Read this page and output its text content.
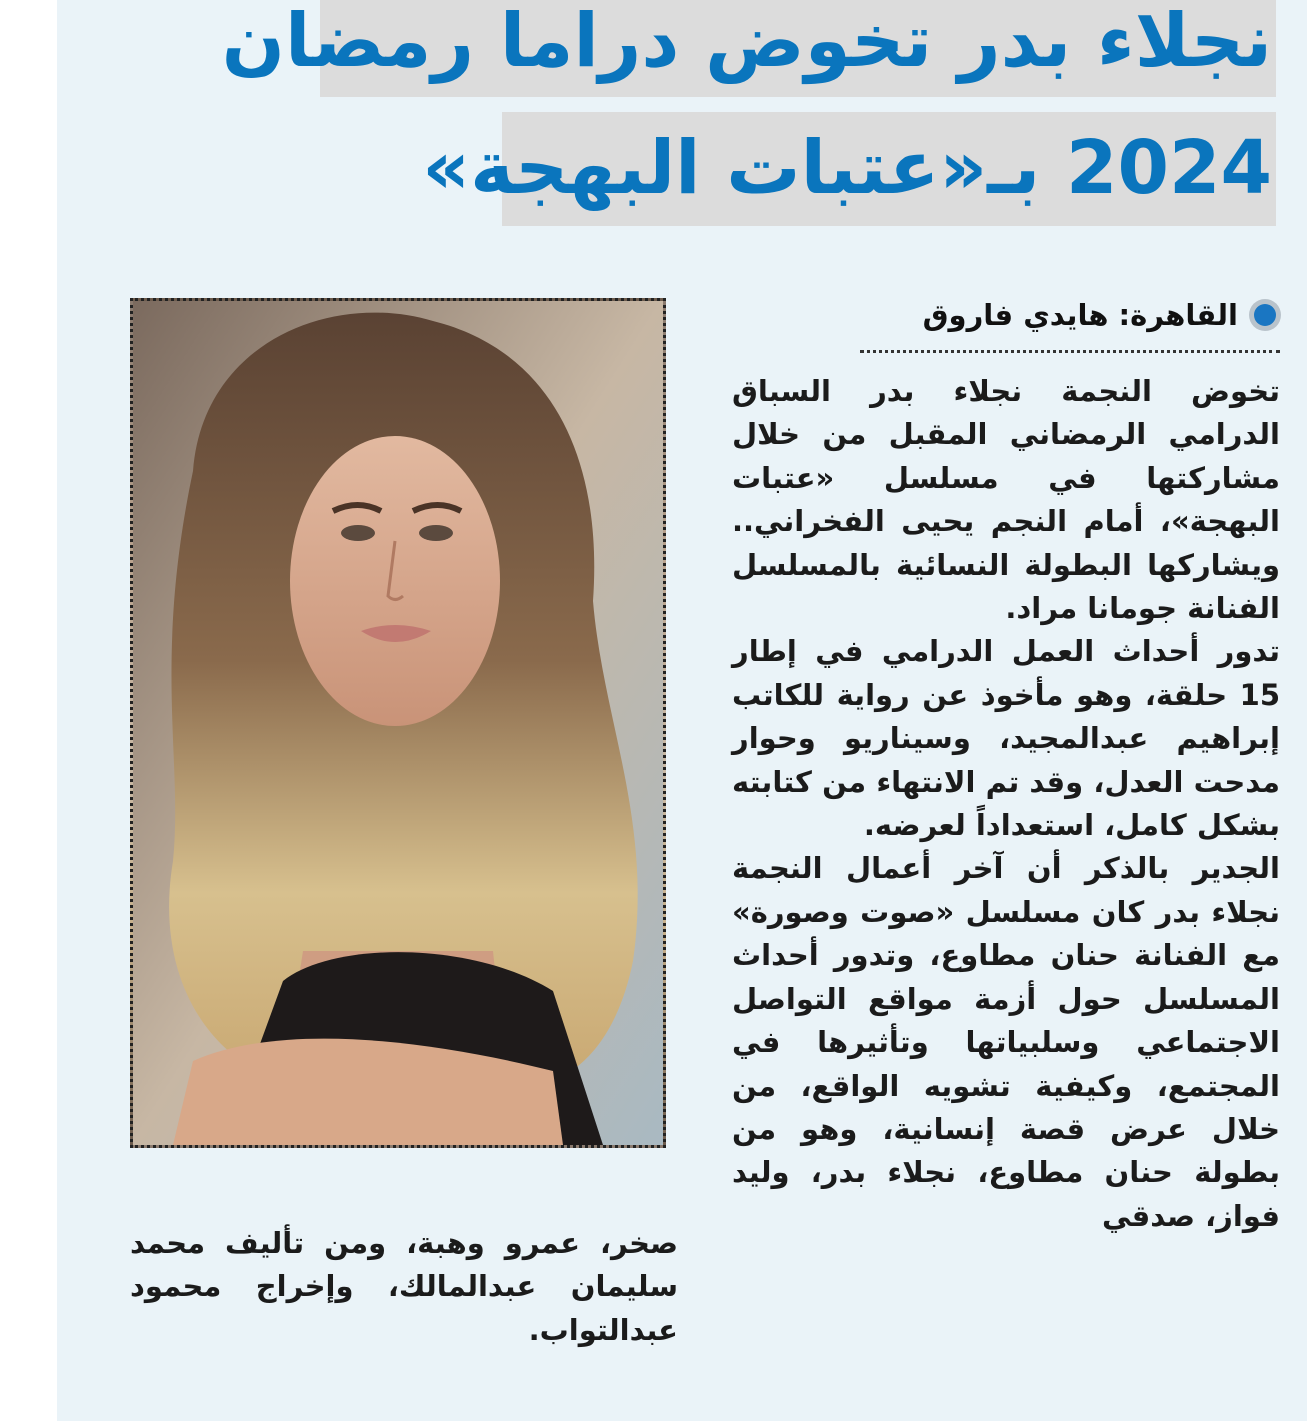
نجلاء بدر تخوض دراما رمضان
2024 بـ«عتبات البهجة»
القاهرة: هايدي فاروق

تخوض النجمة نجلاء بدر السباق الدرامي الرمضاني المقبل من خلال مشاركتها في مسلسل «عتبات البهجة»، أمام النجم يحيى الفخراني.. ويشاركها البطولة النسائية بالمسلسل الفنانة جومانا مراد.

تدور أحداث العمل الدرامي في إطار 15 حلقة، وهو مأخوذ عن رواية للكاتب إبراهيم عبدالمجيد، وسيناريو وحوار مدحت العدل، وقد تم الانتهاء من كتابته بشكل كامل، استعداداً لعرضه.

الجدير بالذكر أن آخر أعمال النجمة نجلاء بدر كان مسلسل «صوت وصورة» مع الفنانة حنان مطاوع، وتدور أحداث المسلسل حول أزمة مواقع التواصل الاجتماعي وسلبياتها وتأثيرها في المجتمع، وكيفية تشويه الواقع، من خلال عرض قصة إنسانية، وهو من بطولة حنان مطاوع، نجلاء بدر، وليد فواز، صدقي

صخر، عمرو وهبة، ومن تأليف محمد سليمان عبدالمالك، وإخراج محمود عبدالتواب.
